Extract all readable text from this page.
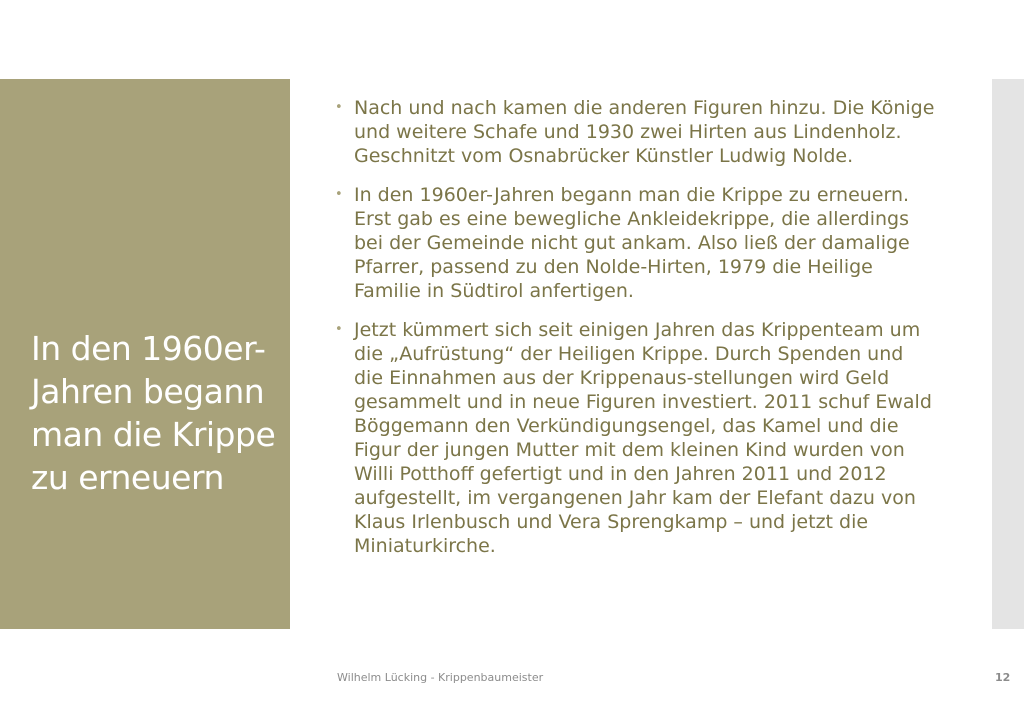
In den 1960er-Jahren begann man die Krippe zu erneuern
• Nach und nach kamen die anderen Figuren hinzu. Die Könige und weitere Schafe und 1930 zwei Hirten aus Lindenholz. Geschnitzt vom Osnabrücker Künstler Ludwig Nolde.
• In den 1960er-Jahren begann man die Krippe zu erneuern. Erst gab es eine bewegliche Ankleidekrippe, die allerdings bei der Gemeinde nicht gut ankam. Also ließ der damalige Pfarrer, passend zu den Nolde-Hirten, 1979 die Heilige Familie in Südtirol anfertigen.
• Jetzt kümmert sich seit einigen Jahren das Krippenteam um die „Aufrüstung“ der Heiligen Krippe. Durch Spenden und die Einnahmen aus der Krippenaus-stellungen wird Geld gesammelt und in neue Figuren investiert. 2011 schuf Ewald Böggemann den Verkündigungsengel, das Kamel und die Figur der jungen Mutter mit dem kleinen Kind wurden von Willi Potthoff gefertigt und in den Jahren 2011 und 2012 aufgestellt, im vergangenen Jahr kam der Elefant dazu von Klaus Irlenbusch und Vera Sprengkamp – und jetzt die Miniaturkirche.
Wilhelm Lücking - Krippenbaumeister	12
